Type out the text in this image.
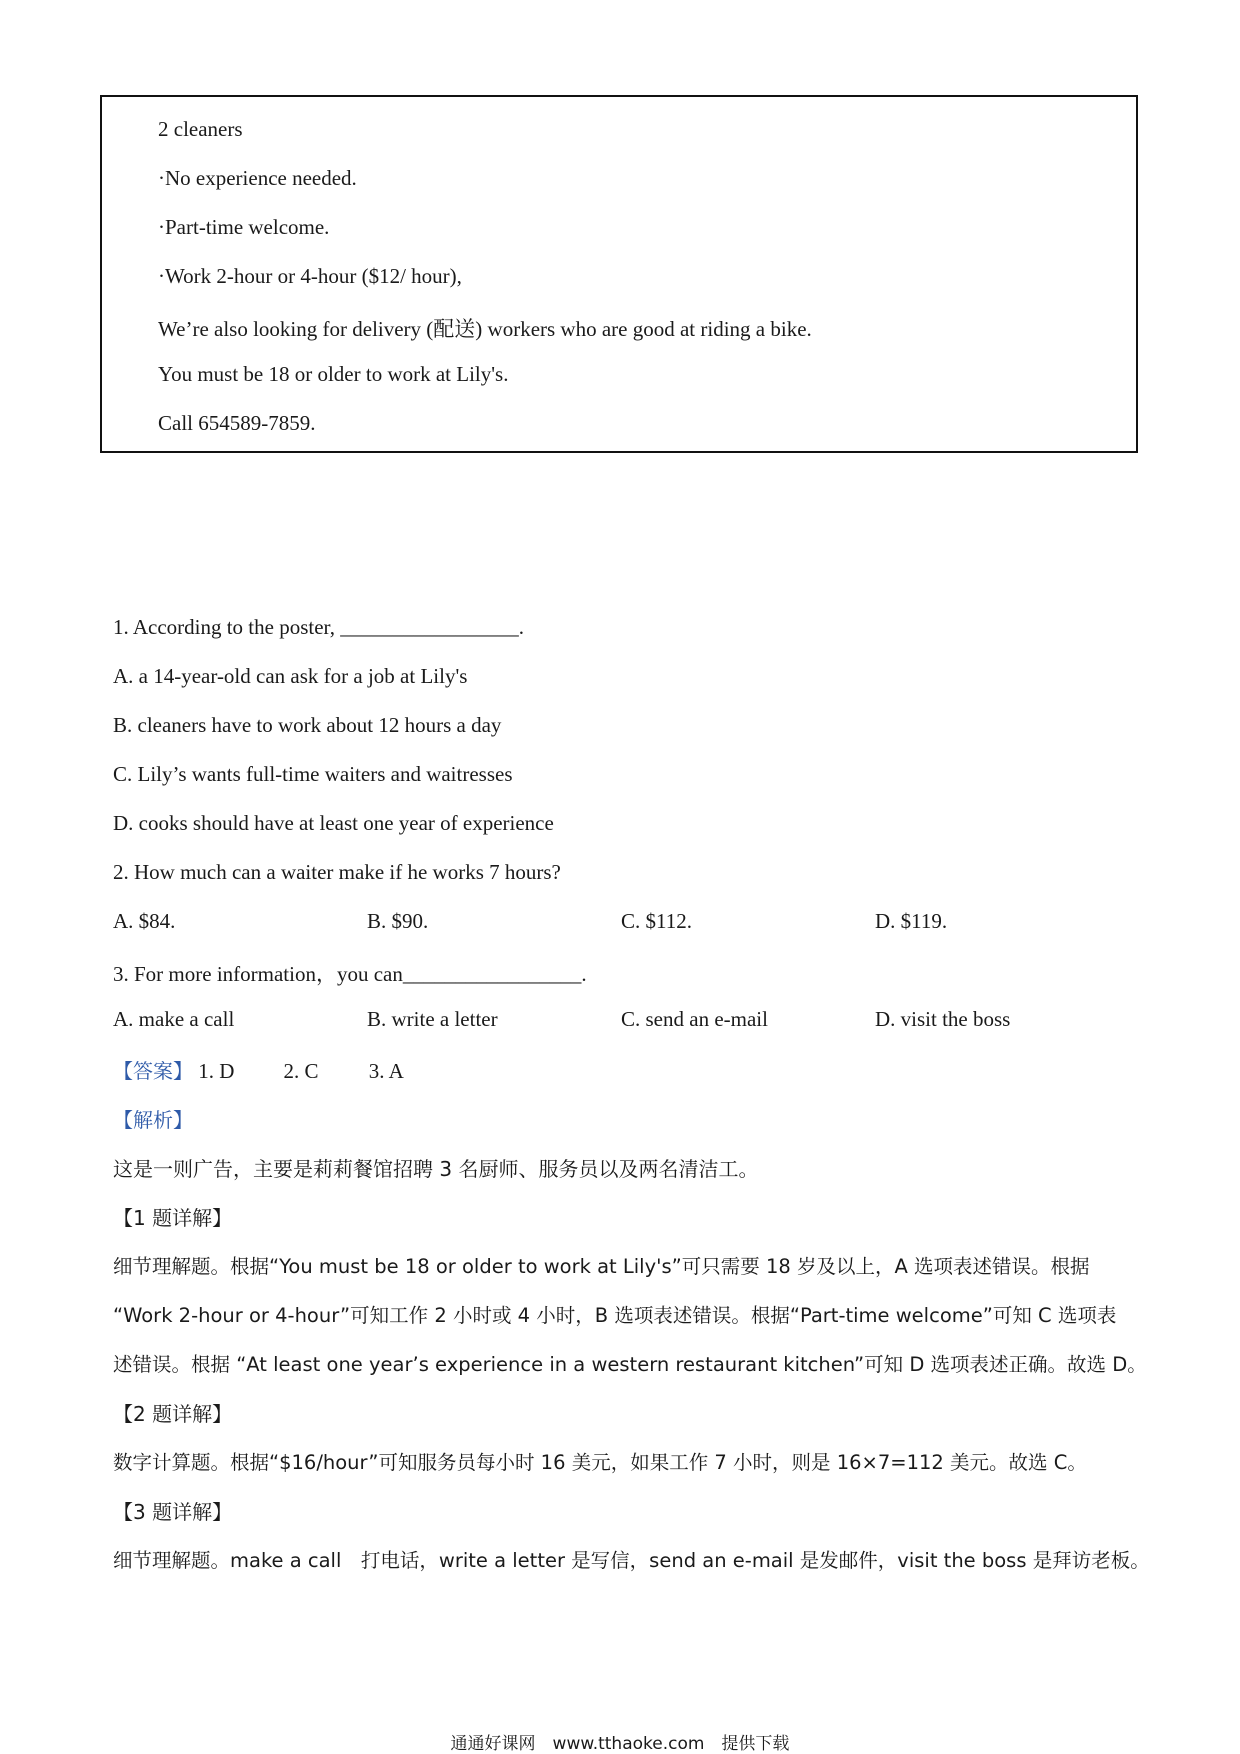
2 cleaners
·No experience needed.
·Part-time welcome.
·Work 2-hour or 4-hour ($12/ hour),
We’re also looking for delivery (配送) workers who are good at riding a bike.
You must be 18 or older to work at Lily's.
Call 654589-7859.
1. According to the poster, _________________.
A. a 14-year-old can ask for a job at Lily's
B. cleaners have to work about 12 hours a day
C. Lily’s wants full-time waiters and waitresses
D. cooks should have at least one year of experience
2. How much can a waiter make if he works 7 hours?
A. $84.	B. $90.	C. $112.	D. $119.
3. For more information，you can_________________.
A. make a call	B. write a letter	C. send an e-mail	D. visit the boss
【答案】 1. D 2. C 3. A
【解析】
这是一则广告，主要是莉莉餐馆招聘 3 名厨师、服务员以及两名清洁工。
【1 题详解】
细节理解题。根据“You must be 18 or older to work at Lily's”可只需要 18 岁及以上，A 选项表述错误。根据
“Work 2-hour or 4-hour”可知工作 2 小时或 4 小时，B 选项表述错误。根据“Part-time welcome”可知 C 选项表
述错误。根据 “At least one year’s experience in a western restaurant kitchen”可知 D 选项表述正确。故选 D。
【2 题详解】
数字计算题。根据“$16/hour”可知服务员每小时 16 美元，如果工作 7 小时，则是 16×7=112 美元。故选 C。
【3 题详解】
细节理解题。make a call　打电话，write a letter 是写信，send an e-mail 是发邮件，visit the boss 是拜访老板。
通通好课网　www.tthaoke.com　提供下载
